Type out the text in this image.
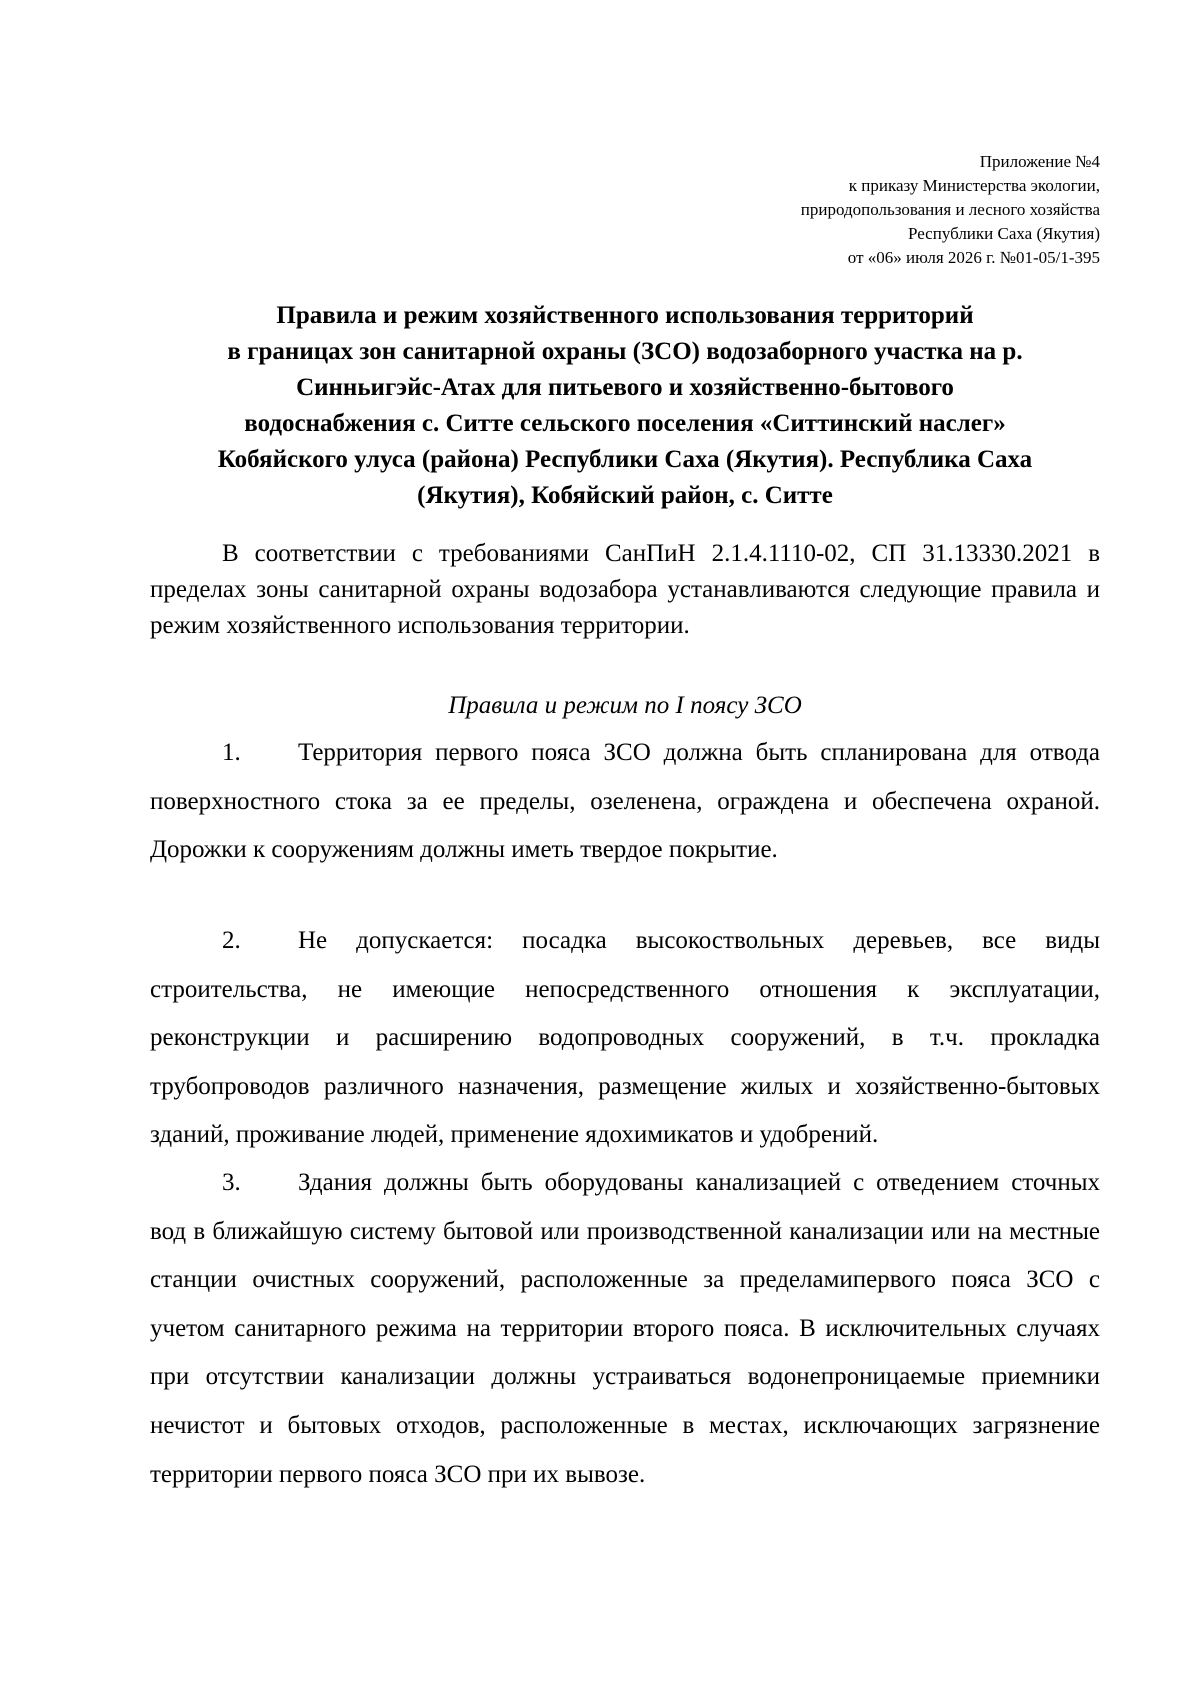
Приложение №4
к приказу Министерства экологии,
природопользования и лесного хозяйства
Республики Саха (Якутия)
от «06» июля 2026 г. №01-05/1-395
Правила и режим хозяйственного использования территорий
в границах зон санитарной охраны (ЗСО) водозаборного участка на р.
Синньигэйс-Атах для питьевого и хозяйственно-бытового
водоснабжения с. Ситте сельского поселения «Ситтинский наслег»
Кобяйского улуса (района) Республики Саха (Якутия). Республика Саха
(Якутия), Кобяйский район, с. Ситте

В соответствии с требованиями СанПиН 2.1.4.1110-02, СП 31.13330.2021 в пределах зоны санитарной охраны водозабора устанавливаются следующие правила и режим хозяйственного использования территории.

Правила и режим по I поясу ЗСО

1. Территория первого пояса ЗСО должна быть спланирована для отвода поверхностного стока за ее пределы, озеленена, ограждена и обеспечена охраной. Дорожки к сооружениям должны иметь твердое покрытие.

2. Не допускается: посадка высокоствольных деревьев, все виды строительства, не имеющие непосредственного отношения к эксплуатации, реконструкции и расширению водопроводных сооружений, в т.ч. прокладка трубопроводов различного назначения, размещение жилых и хозяйственно-бытовых зданий, проживание людей, применение ядохимикатов и удобрений.

3. Здания должны быть оборудованы канализацией с отведением сточных вод в ближайшую систему бытовой или производственной канализации или на местные станции очистных сооружений, расположенные за пределамипервого пояса ЗСО с учетом санитарного режима на территории второго пояса. В исключительных случаях при отсутствии канализации должны устраиваться водонепроницаемые приемники нечистот и бытовых отходов, расположенные в местах, исключающих загрязнение территории первого пояса ЗСО при их вывозе.
